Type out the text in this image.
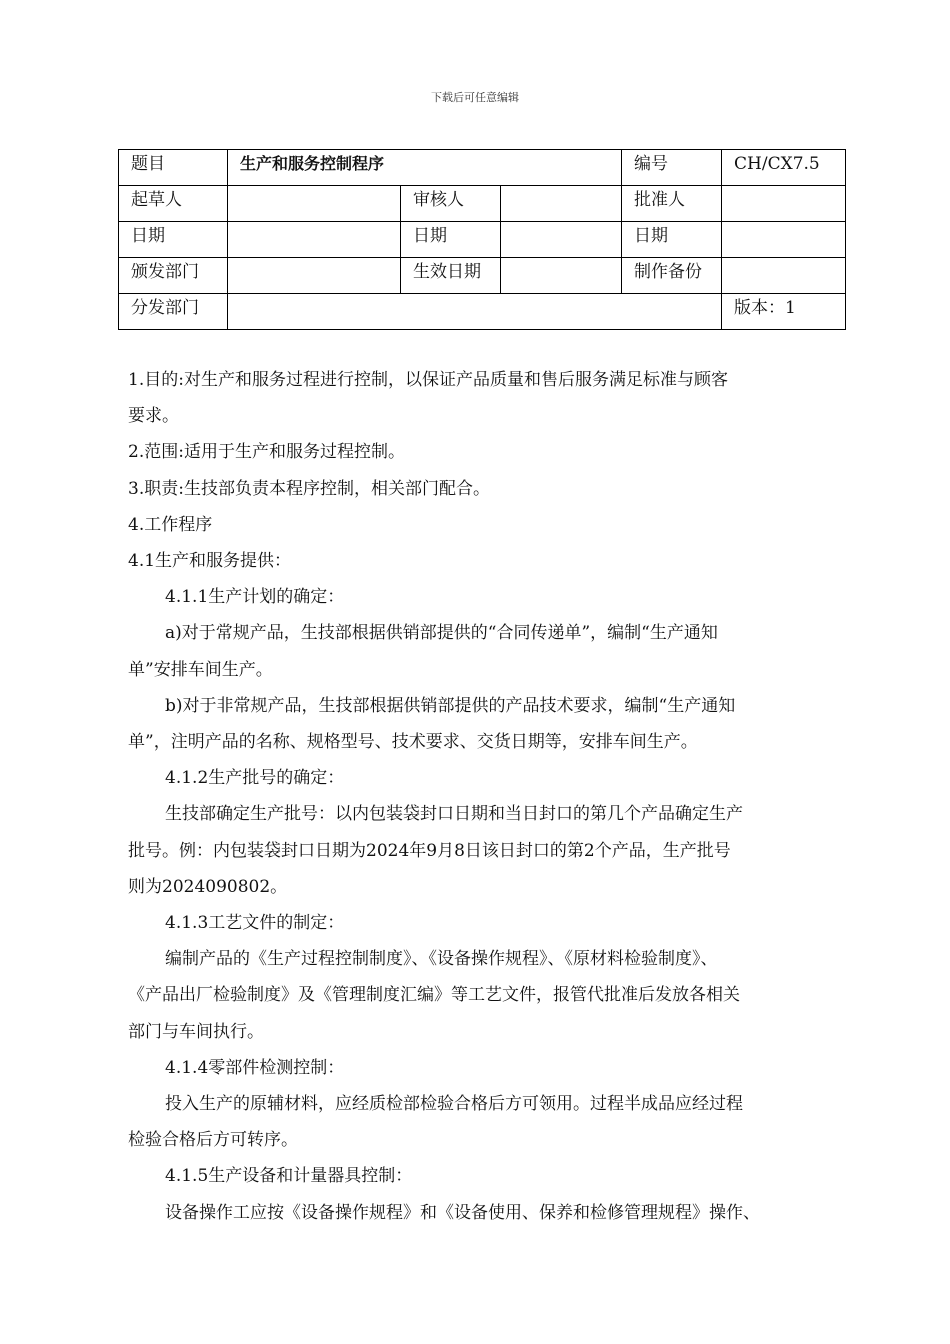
下载后可任意编辑
题目	生产和服务控制程序			编号	CH/CX7.5
起草人		审核人		批准人	
日期		日期		日期	
颁发部门		生效日期		制作备份	
分发部门					版本：1

1.目的:对生产和服务过程进行控制，以保证产品质量和售后服务满足标准与顾客

要求。

2.范围:适用于生产和服务过程控制。

3.职责:生技部负责本程序控制，相关部门配合。

4.工作程序

4.1生产和服务提供：

4.1.1生产计划的确定：

a)对于常规产品，生技部根据供销部提供的“合同传递单”，编制“生产通知

单”安排车间生产。

b)对于非常规产品，生技部根据供销部提供的产品技术要求，编制“生产通知

单”，注明产品的名称、规格型号、技术要求、交货日期等，安排车间生产。

4.1.2生产批号的确定：

生技部确定生产批号：以内包装袋封口日期和当日封口的第几个产品确定生产

批号。例：内包装袋封口日期为2024年9月8日该日封口的第2个产品，生产批号

则为2024090802。

4.1.3工艺文件的制定：

编制产品的《生产过程控制制度》、《设备操作规程》、《原材料检验制度》、

《产品出厂检验制度》及《管理制度汇编》等工艺文件，报管代批准后发放各相关

部门与车间执行。

4.1.4零部件检测控制：

投入生产的原辅材料，应经质检部检验合格后方可领用。过程半成品应经过程

检验合格后方可转序。

4.1.5生产设备和计量器具控制：

设备操作工应按《设备操作规程》和《设备使用、保养和检修管理规程》操作、
